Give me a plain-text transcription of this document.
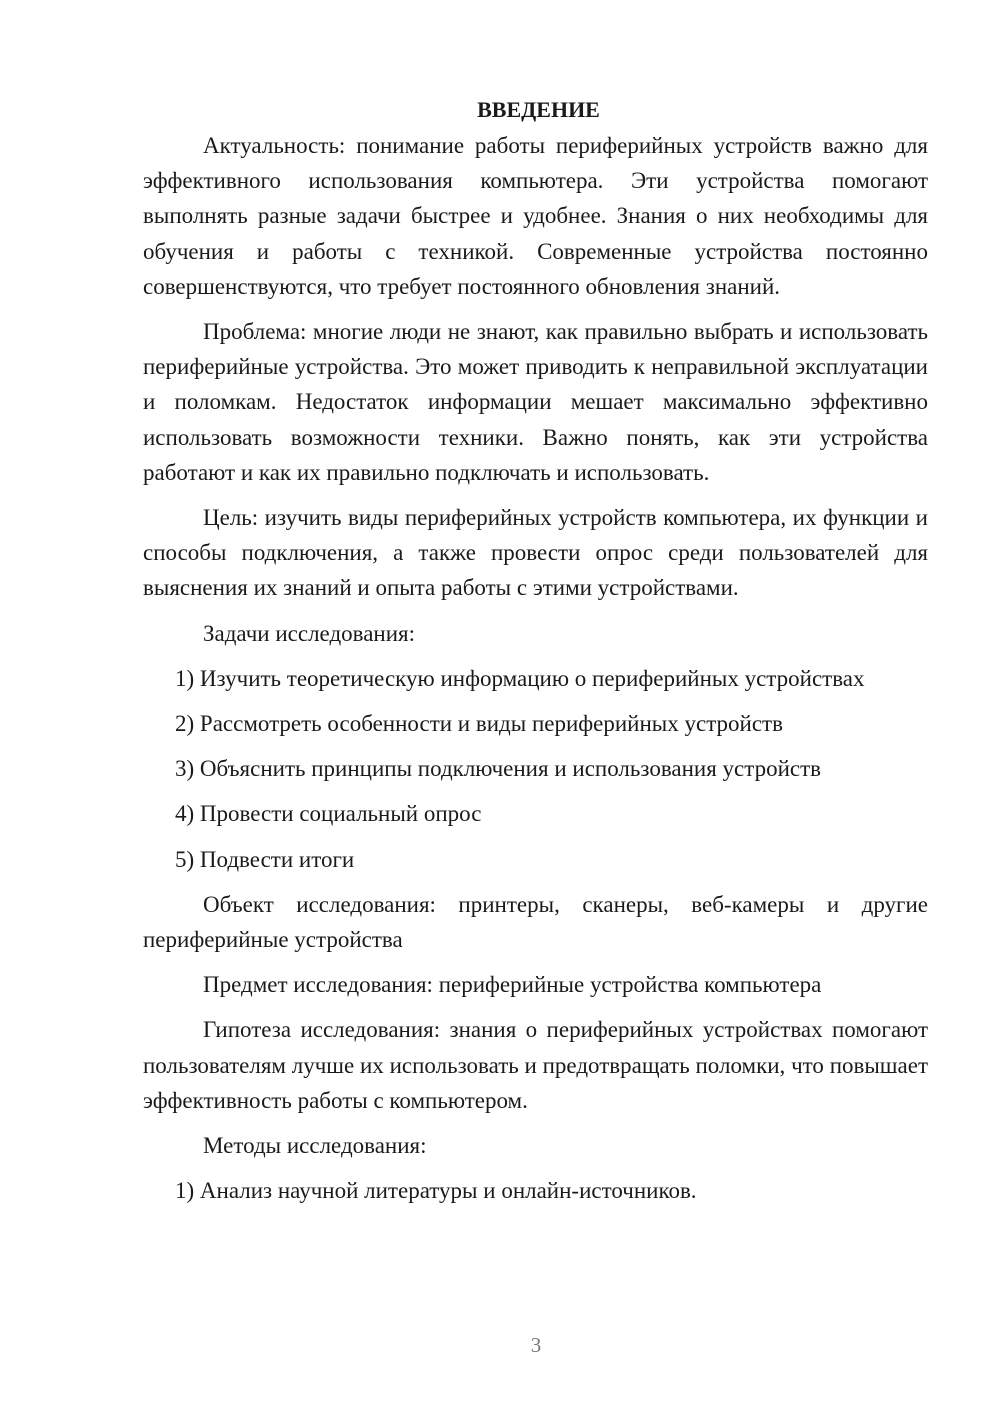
ВВЕДЕНИЕ

Актуальность: понимание работы периферийных устройств важно для эффективного использования компьютера. Эти устройства помогают выполнять разные задачи быстрее и удобнее. Знания о них необходимы для обучения и работы с техникой. Современные устройства постоянно совершенствуются, что требует постоянного обновления знаний.

Проблема: многие люди не знают, как правильно выбрать и использовать периферийные устройства. Это может приводить к неправильной эксплуатации и поломкам. Недостаток информации мешает максимально эффективно использовать возможности техники. Важно понять, как эти устройства работают и как их правильно подключать и использовать.

Цель: изучить виды периферийных устройств компьютера, их функции и способы подключения, а также провести опрос среди пользователей для выяснения их знаний и опыта работы с этими устройствами.

Задачи исследования:

1) Изучить теоретическую информацию о периферийных устройствах
2) Рассмотреть особенности и виды периферийных устройств
3) Объяснить принципы подключения и использования устройств
4) Провести социальный опрос
5) Подвести итоги

Объект исследования: принтеры, сканеры, веб-камеры и другие периферийные устройства

Предмет исследования: периферийные устройства компьютера

Гипотеза исследования: знания о периферийных устройствах помогают пользователям лучше их использовать и предотвращать поломки, что повышает эффективность работы с компьютером.

Методы исследования:

1) Анализ научной литературы и онлайн-источников.
3
